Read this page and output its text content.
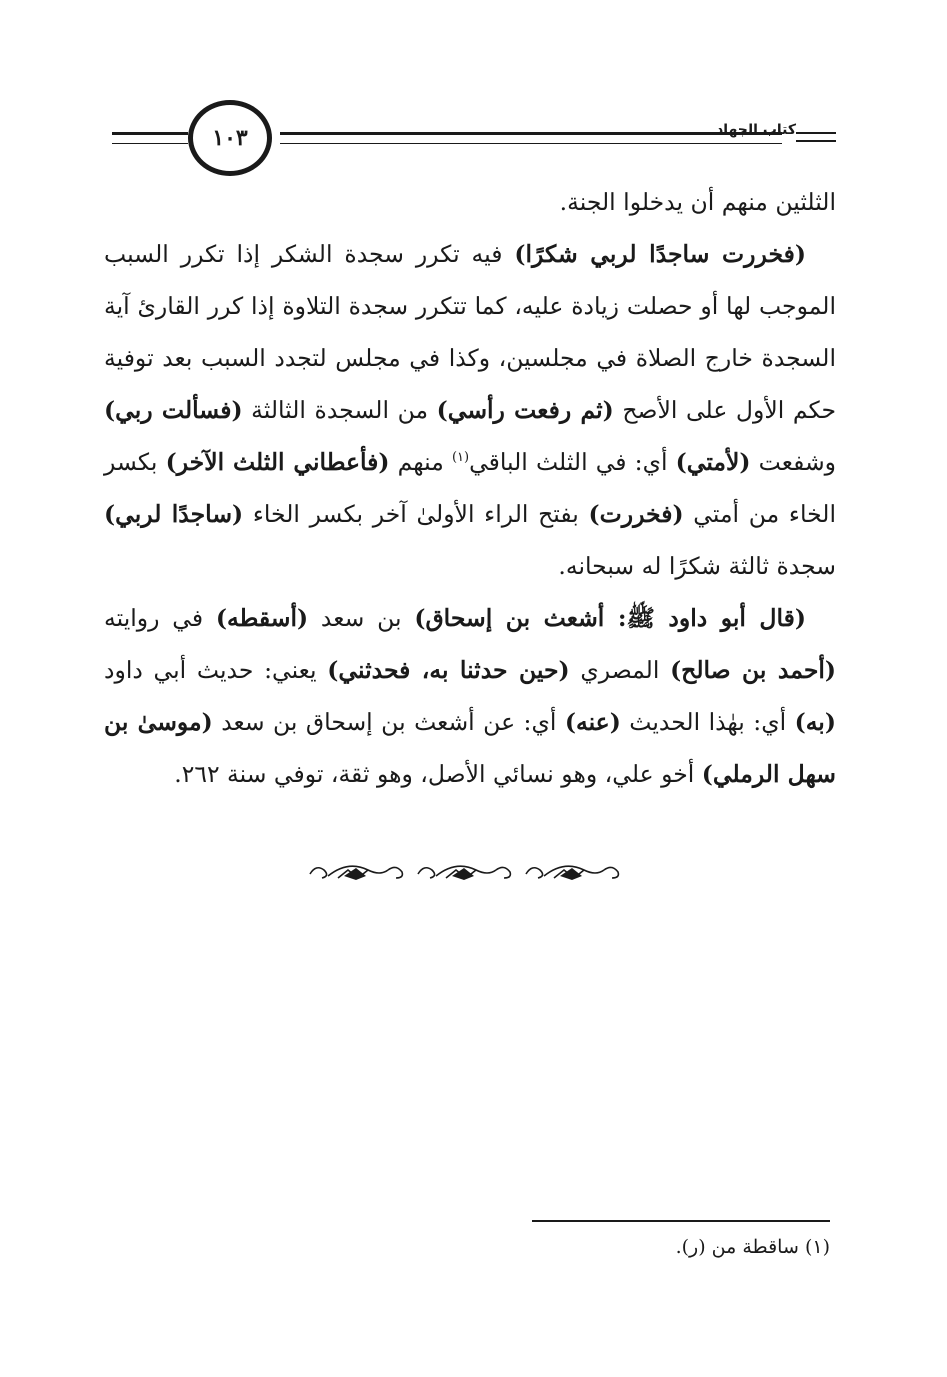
١٠٣	كتاب الجهاد

الثلثين منهم أن يدخلوا الجنة.

(فخررت ساجدًا لربي شكرًا) فيه تكرر سجدة الشكر إذا تكرر السبب الموجب لها أو حصلت زيادة عليه، كما تتكرر سجدة التلاوة إذا كرر القارئ آية السجدة خارج الصلاة في مجلسين، وكذا في مجلس لتجدد السبب بعد توفية حكم الأول على الأصح (ثم رفعت رأسي) من السجدة الثالثة (فسألت ربي) وشفعت (لأمتي) أي: في الثلث الباقي$^{(١)}$ منهم (فأعطاني الثلث الآخر) بكسر الخاء من أمتي (فخررت) بفتح الراء الأولىٰ آخر بكسر الخاء (ساجدًا لربي) سجدة ثالثة شكرًا له سبحانه.

(قال أبو داود ﷺ: أشعث بن إسحاق) بن سعد (أسقطه) في روايته (أحمد بن صالح) المصري (حين حدثنا به، فحدثني) يعني: حديث أبي داود (به) أي: بهٰذا الحديث (عنه) أي: عن أشعث بن إسحاق بن سعد (موسىٰ بن سهل الرملي) أخو علي، وهو نسائي الأصل، وهو ثقة، توفي سنة ٢٦٢.

(١) ساقطة من (ر).
